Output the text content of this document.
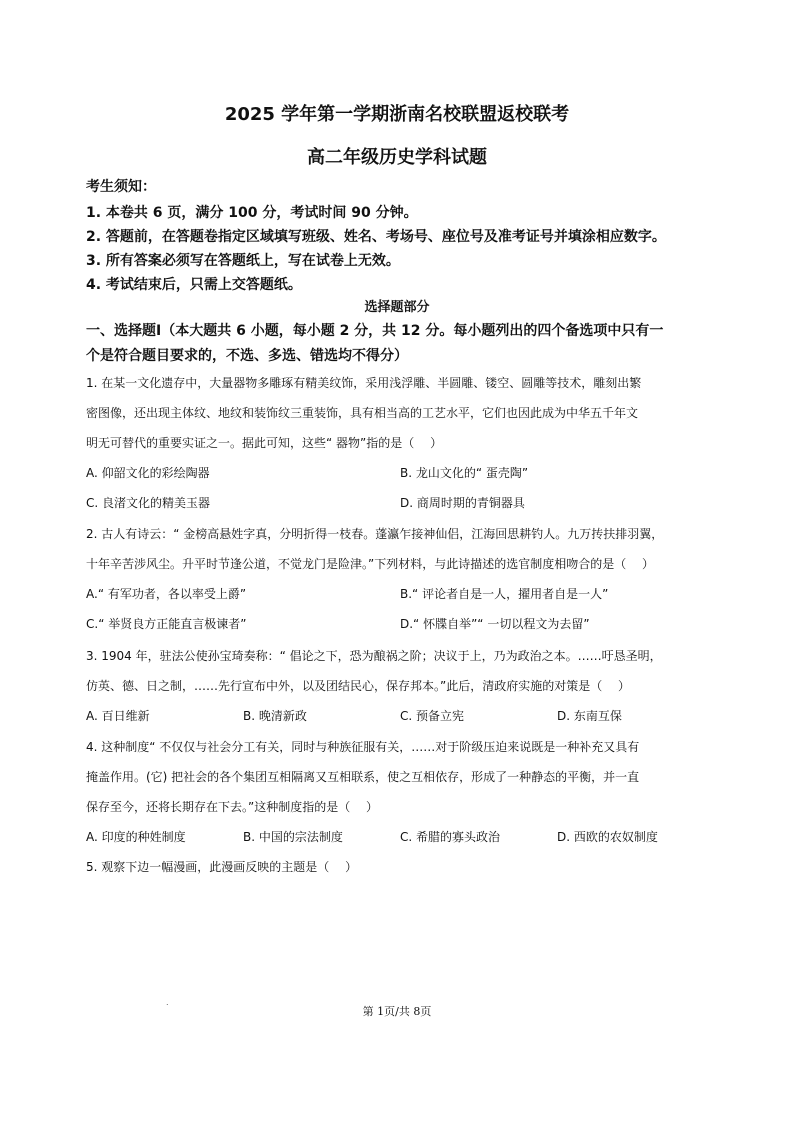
2025 学年第一学期浙南名校联盟返校联考
高二年级历史学科试题
考生须知：
1. 本卷共 6 页，满分 100 分，考试时间 90 分钟。
2. 答题前，在答题卷指定区域填写班级、姓名、考场号、座位号及准考证号并填涂相应数字。
3. 所有答案必须写在答题纸上，写在试卷上无效。
4. 考试结束后，只需上交答题纸。
选择题部分
一、选择题Ⅰ（本大题共 6 小题，每小题 2 分，共 12 分。每小题列出的四个备选项中只有一
个是符合题目要求的，不选、多选、错选均不得分）
1. 在某一文化遗存中，大量器物多雕琢有精美纹饰，采用浅浮雕、半圆雕、镂空、圆雕等技术，雕刻出繁
密图像，还出现主体纹、地纹和装饰纹三重装饰，具有相当高的工艺水平，它们也因此成为中华五千年文
明无可替代的重要实证之一。据此可知，这些“ 器物”指的是（　 ）
A. 仰韶文化的彩绘陶器	B. 龙山文化的“ 蛋壳陶”
C. 良渚文化的精美玉器	D. 商周时期的青铜器具
2. 古人有诗云：“ 金榜高悬姓字真，分明折得一枝春。蓬瀛乍接神仙侣，江海回思耕钓人。九万抟扶排羽翼，
十年辛苦涉风尘。升平时节逢公道，不觉龙门是险津。”下列材料，与此诗描述的选官制度相吻合的是（　 ）
A.“ 有军功者，各以率受上爵”	B.“ 评论者自是一人，擢用者自是一人”
C.“ 举贤良方正能直言极谏者”	D.“ 怀牒自举”“ 一切以程文为去留”
3. 1904 年，驻法公使孙宝琦奏称：“ 倡论之下，恐为酿祸之阶；决议于上，乃为政治之本。……吁恳圣明，
仿英、德、日之制，……先行宣布中外，以及团结民心，保存邦本。”此后，清政府实施的对策是（　 ）
A. 百日维新	B. 晚清新政	C. 预备立宪	D. 东南互保
4. 这种制度“ 不仅仅与社会分工有关，同时与种族征服有关，……对于阶级压迫来说既是一种补充又具有
掩盖作用。(它) 把社会的各个集团互相隔离又互相联系，使之互相依存，形成了一种静态的平衡，并一直
保存至今，还将长期存在下去。”这种制度指的是（　 ）
A. 印度的种姓制度	B. 中国的宗法制度	C. 希腊的寡头政治	D. 西欧的农奴制度
5. 观察下边一幅漫画，此漫画反映的主题是（　 ）
.
第 1页/共 8页
